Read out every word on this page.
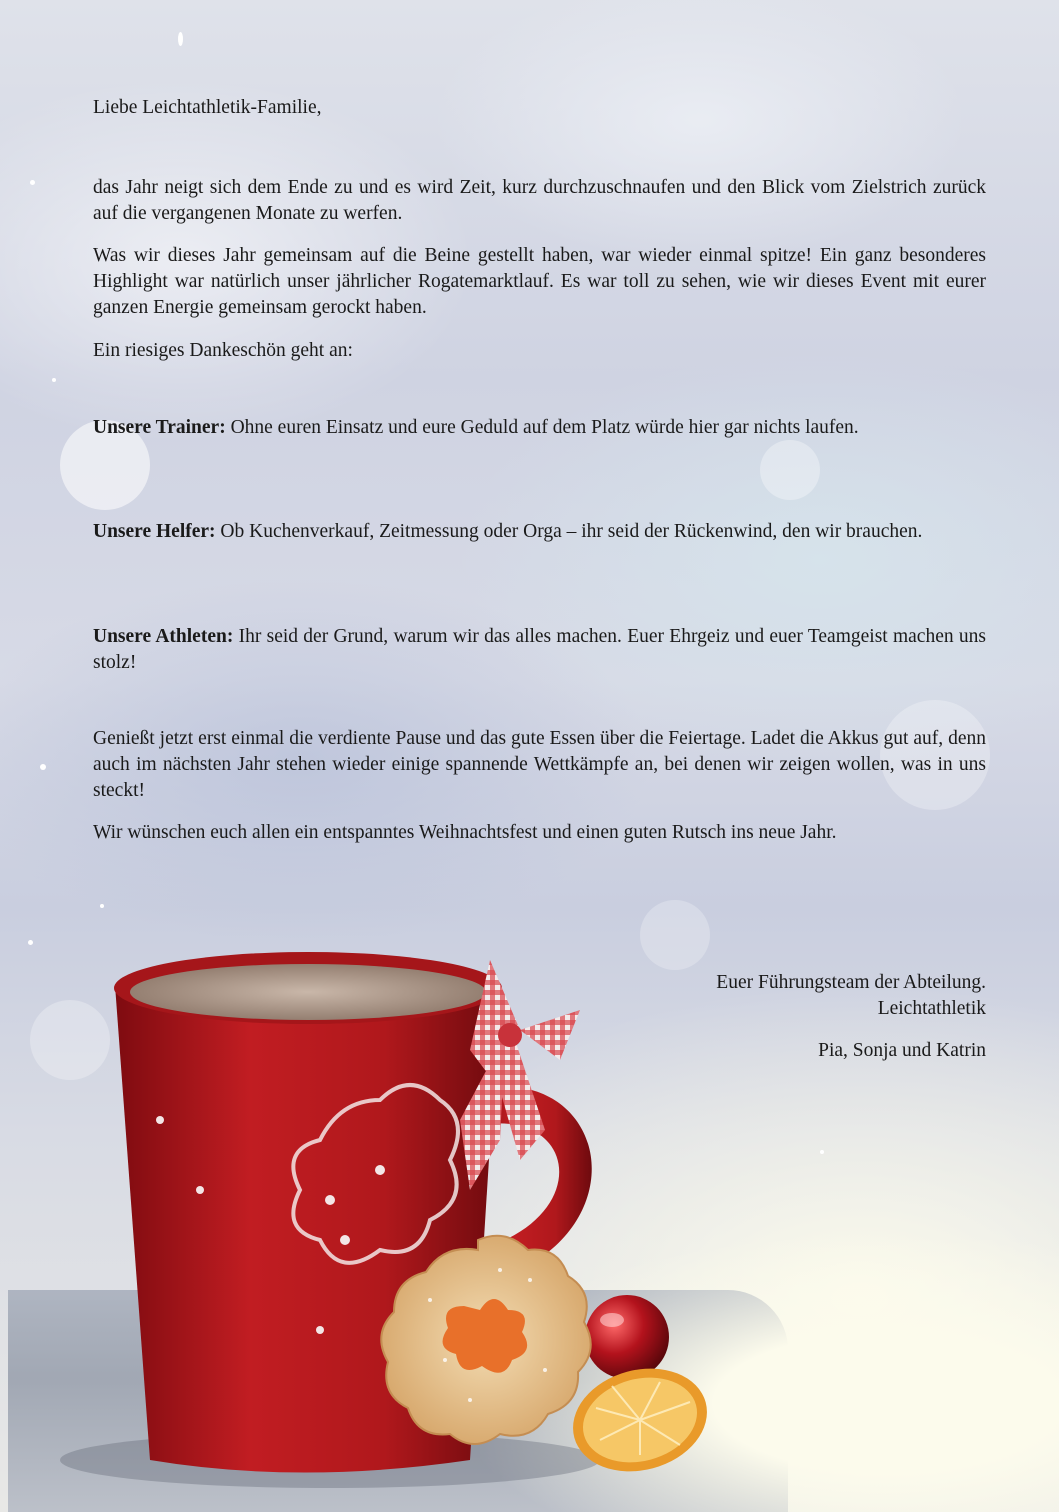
Liebe Leichtathletik-Familie,

das Jahr neigt sich dem Ende zu und es wird Zeit, kurz durchzuschnaufen und den Blick vom Zielstrich zurück auf die vergangenen Monate zu werfen.

Was wir dieses Jahr gemeinsam auf die Beine gestellt haben, war wieder einmal spitze! Ein ganz besonderes Highlight war natürlich unser jährlicher Rogatemarktlauf. Es war toll zu sehen, wie wir dieses Event mit eurer ganzen Energie gemeinsam gerockt haben.

Ein riesiges Dankeschön geht an:

Unsere Trainer: Ohne euren Einsatz und eure Geduld auf dem Platz würde hier gar nichts laufen.

Unsere Helfer: Ob Kuchenverkauf, Zeitmessung oder Orga – ihr seid der Rückenwind, den wir brauchen.

Unsere Athleten: Ihr seid der Grund, warum wir das alles machen. Euer Ehrgeiz und euer Teamgeist machen uns stolz!

Genießt jetzt erst einmal die verdiente Pause und das gute Essen über die Feiertage. Ladet die Akkus gut auf, denn auch im nächsten Jahr stehen wieder einige spannende Wettkämpfe an, bei denen wir zeigen wollen, was in uns steckt!

Wir wünschen euch allen ein entspanntes Weihnachtsfest und einen guten Rutsch ins neue Jahr.

Euer Führungsteam der Abteilung.

Leichtathletik

Pia, Sonja und Katrin
